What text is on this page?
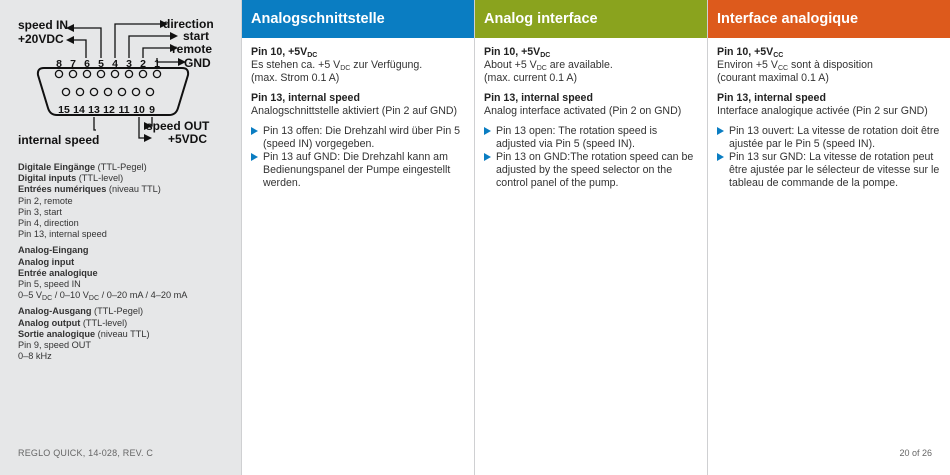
8 7 6 5 4 3 2 1
15 14 13 12 11 10 9
speed IN
+20VDC
direction
start
remote
GND
speed OUT
+5VDC
internal speed
Digitale Eingänge (TTL-Pegel)
Digital inputs (TTL-level)
Entrées numériques (niveau TTL)
Pin 2, remote
Pin 3, start
Pin 4, direction
Pin 13, internal speed
Analog-Eingang
Analog input
Entrée analogique
Pin 5, speed IN
0–5 $V_{DC} / 0-10$ $V_{DC} / 0-20$ mA / 4–20 mA
Analog-Ausgang (TTL-Pegel)
Analog output (TTL-level)
Sortie analogique (niveau TTL)
Pin 9, speed OUT
0–8 kHz
REGLO QUICK, 14-028, REV. C
Analogschnittstelle
Pin 10, $+5V_{DC}$
Es stehen ca. +5 $V_{DC}$ zur Verfügung.
(max. Strom 0.1 A)
Pin 13, internal speed
Analogschnittstelle aktiviert (Pin 2 auf GND)
Pin 13 offen: Die Drehzahl wird über Pin 5 (speed IN) vorgegeben.
Pin 13 auf GND: Die Drehzahl kann am Bedienungspanel der Pumpe eingestellt werden.
Analog interface
Pin 10, $+5V_{DC}$
About +5 $V_{DC}$ are available.
(max. current 0.1 A)
Pin 13, internal speed
Analog interface activated (Pin 2 on GND)
Pin 13 open: The rotation speed is adjusted via Pin 5 (speed IN).
Pin 13 on GND:The rotation speed can be adjusted by the speed selector on the control panel of the pump.
Interface analogique
Pin 10, $+5V_{CC}$
Environ +5 $V_{CC}$ sont à disposition
(courant maximal 0.1 A)
Pin 13, internal speed
Interface analogique activée (Pin 2 sur GND)
Pin 13 ouvert: La vitesse de rotation doit être ajustée par le Pin 5 (speed IN).
Pin 13 sur GND: La vitesse de rotation peut être ajustée par le sélecteur de vitesse sur le tableau de commande de la pompe.
20 of 26
